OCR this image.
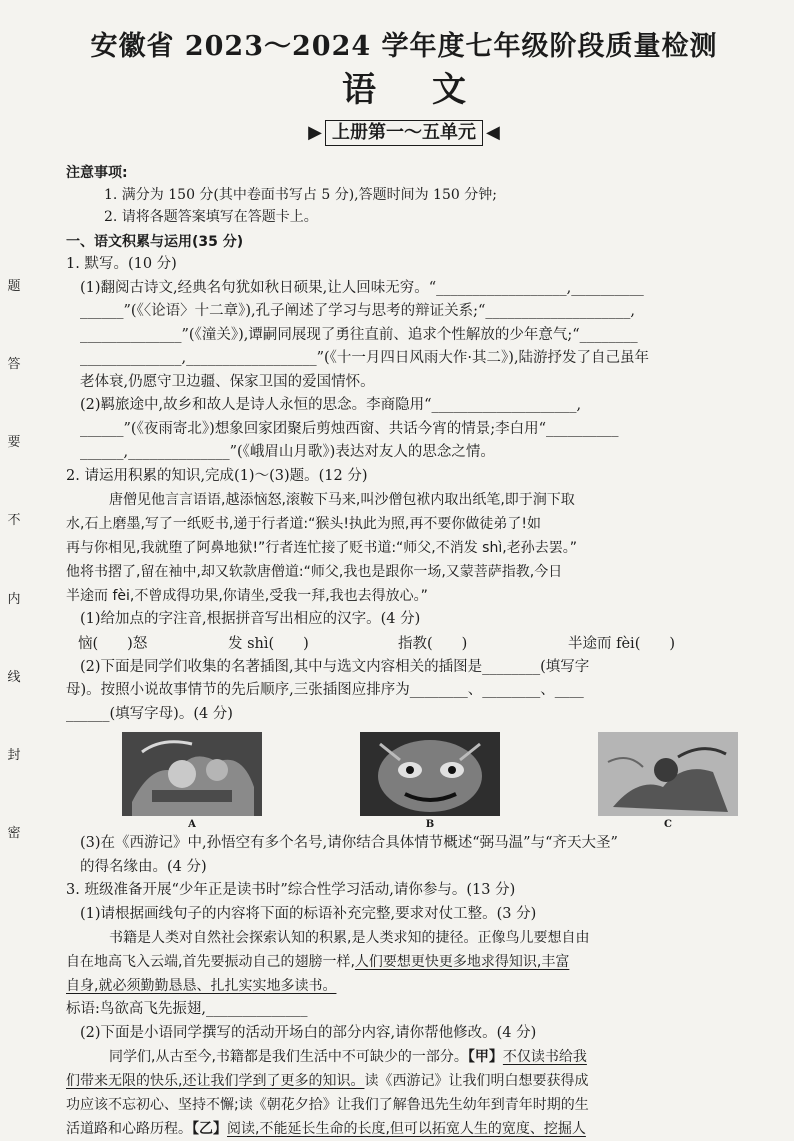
题
答
要
不
内
线
封
密
安徽省 2023～2024 学年度七年级阶段质量检测
语文
▶ 上册第一～五单元 ◀
注意事项:
1. 满分为 150 分(其中卷面书写占 5 分),答题时间为 150 分钟;
2. 请将各题答案填写在答题卡上。
一、语文积累与运用(35 分)
1. 默写。(10 分)
(1)翻阅古诗文,经典名句犹如秋日硕果,让人回味无穷。“__________________,__________
______”(《〈论语〉十二章》),孔子阐述了学习与思考的辩证关系;“____________________,
______________”(《潼关》),谭嗣同展现了勇往直前、追求个性解放的少年意气;“________
______________,__________________”(《十一月四日风雨大作·其二》),陆游抒发了自己虽年
老体衰,仍愿守卫边疆、保家卫国的爱国情怀。
(2)羁旅途中,故乡和故人是诗人永恒的思念。李商隐用“____________________,
______”(《夜雨寄北》)想象回家团聚后剪烛西窗、共话今宵的情景;李白用“__________
______,______________”(《峨眉山月歌》)表达对友人的思念之情。
2. 请运用积累的知识,完成(1)～(3)题。(12 分)
唐僧见他言言语语,越添恼怒,滚鞍下马来,叫沙僧包袱内取出纸笔,即于涧下取
水,石上磨墨,写了一纸贬书,递于行者道:“猴头!执此为照,再不要你做徒弟了!如
再与你相见,我就堕了阿鼻地狱!”行者连忙接了贬书道:“师父,不消发 shì,老孙去罢。”
他将书摺了,留在袖中,却又软款唐僧道:“师父,我也是跟你一场,又蒙菩萨指教,今日
半途而 fèi,不曾成得功果,你请坐,受我一拜,我也去得放心。”
(1)给加点的字注音,根据拼音写出相应的汉字。(4 分)
恼(　　)怒	发 shì(　　)	指教(　　)	半途而 fèi(　　)
(2)下面是同学们收集的名著插图,其中与选文内容相关的插图是________(填写字
母)。按照小说故事情节的先后顺序,三张插图应排序为________、________、____
______(填写字母)。(4 分)
A	B	C
(3)在《西游记》中,孙悟空有多个名号,请你结合具体情节概述“弼马温”与“齐天大圣”
的得名缘由。(4 分)
3. 班级准备开展“少年正是读书时”综合性学习活动,请你参与。(13 分)
(1)请根据画线句子的内容将下面的标语补充完整,要求对仗工整。(3 分)
书籍是人类对自然社会探索认知的积累,是人类求知的捷径。正像鸟儿要想自由
自在地高飞入云端,首先要振动自己的翅膀一样,人们要想更快更多地求得知识,丰富
自身,就必须勤勤恳恳、扎扎实实地多读书。
标语:鸟欲高飞先振翅,______________
(2)下面是小语同学撰写的活动开场白的部分内容,请你帮他修改。(4 分)
同学们,从古至今,书籍都是我们生活中不可缺少的一部分。【甲】不仅读书给我
们带来无限的快乐,还让我们学到了更多的知识。读《西游记》让我们明白想要获得成
功应该不忘初心、坚持不懈;读《朝花夕拾》让我们了解鲁迅先生幼年到青年时期的生
活道路和心路历程。【乙】阅读,不能延长生命的长度,但可以拓宽人生的宽度、挖掘人
